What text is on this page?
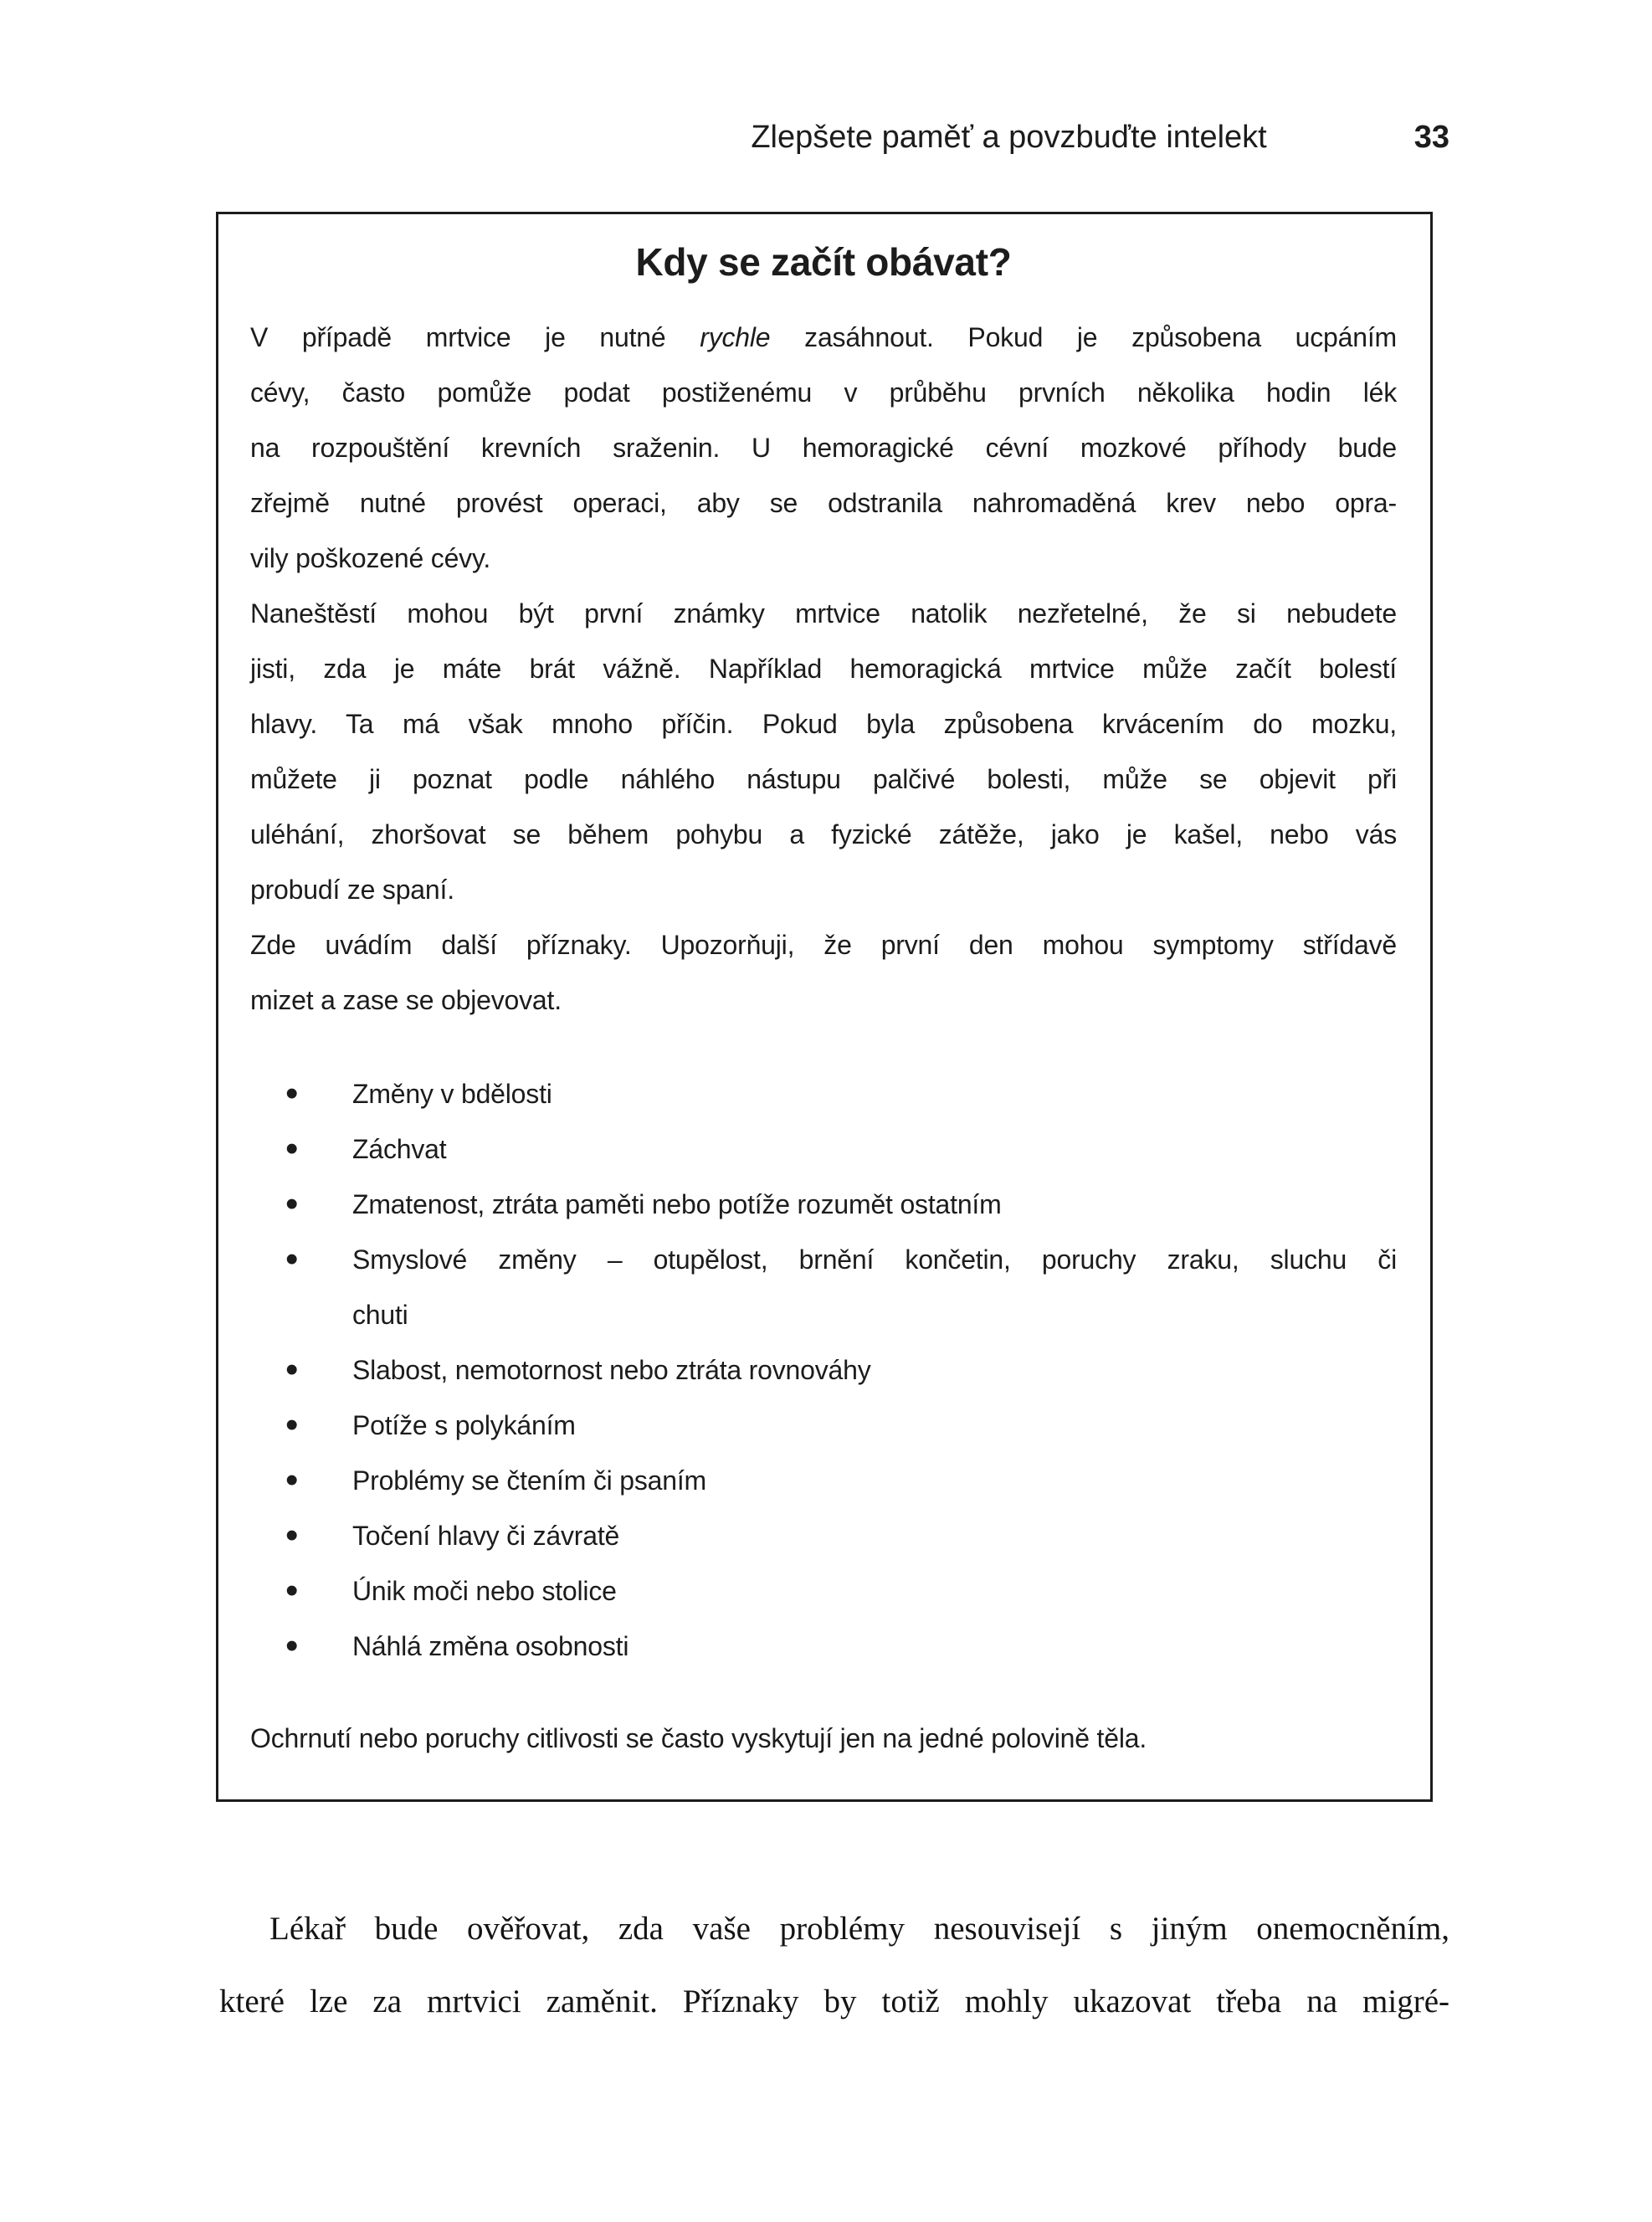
Zlepšete paměť a povzbuďte intelekt	33
Kdy se začít obávat?
V případě mrtvice je nutné rychle zasáhnout. Pokud je způsobena ucpáním
cévy, často pomůže podat postiženému v průběhu prvních několika hodin lék
na rozpouštění krevních sraženin. U hemoragické cévní mozkové příhody bude
zřejmě nutné provést operaci, aby se odstranila nahromaděná krev nebo opra-
vily poškozené cévy.
Naneštěstí mohou být první známky mrtvice natolik nezřetelné, že si nebudete
jisti, zda je máte brát vážně. Například hemoragická mrtvice může začít bolestí
hlavy. Ta má však mnoho příčin. Pokud byla způsobena krvácením do mozku,
můžete ji poznat podle náhlého nástupu palčivé bolesti, může se objevit při
uléhání, zhoršovat se během pohybu a fyzické zátěže, jako je kašel, nebo vás
probudí ze spaní.
Zde uvádím další příznaky. Upozorňuji, že první den mohou symptomy střídavě
mizet a zase se objevovat.
•	Změny v bdělosti
•	Záchvat
•	Zmatenost, ztráta paměti nebo potíže rozumět ostatním
•	Smyslové změny – otupělost, brnění končetin, poruchy zraku, sluchu či
chuti
•	Slabost, nemotornost nebo ztráta rovnováhy
•	Potíže s polykáním
•	Problémy se čtením či psaním
•	Točení hlavy či závratě
•	Únik moči nebo stolice
•	Náhlá změna osobnosti

Ochrnutí nebo poruchy citlivosti se často vyskytují jen na jedné polovině těla.

Lékař bude ověřovat, zda vaše problémy nesouvisejí s jiným onemocněním,
které lze za mrtvici zaměnit. Příznaky by totiž mohly ukazovat třeba na migré-
